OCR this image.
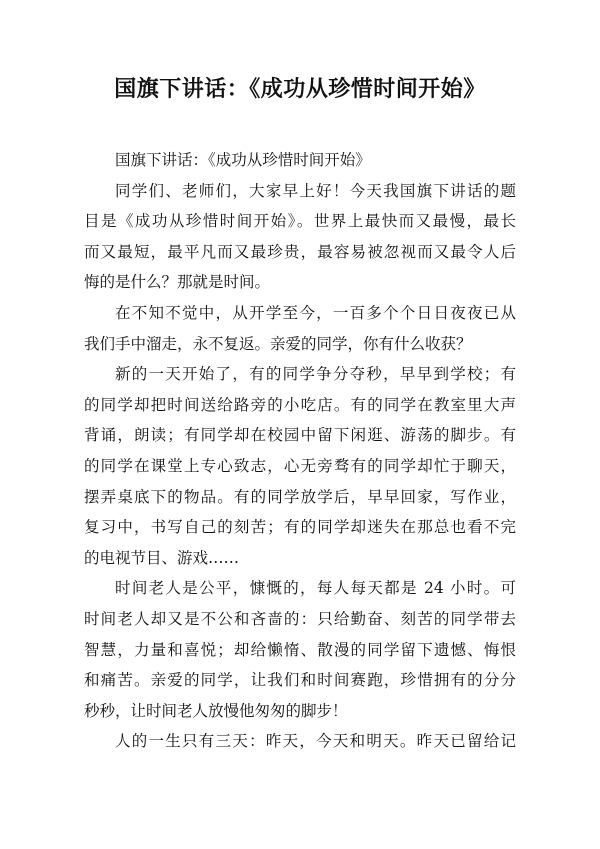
国旗下讲话：《成功从珍惜时间开始》
国旗下讲话：《成功从珍惜时间开始》
同学们、老师们，大家早上好！今天我国旗下讲话的题
目是《成功从珍惜时间开始》。世界上最快而又最慢，最长
而又最短，最平凡而又最珍贵，最容易被忽视而又最令人后
悔的是什么？那就是时间。
在不知不觉中，从开学至今，一百多个个日日夜夜已从
我们手中溜走，永不复返。亲爱的同学，你有什么收获？
新的一天开始了，有的同学争分夺秒，早早到学校；有
的同学却把时间送给路旁的小吃店。有的同学在教室里大声
背诵，朗读；有同学却在校园中留下闲逛、游荡的脚步。有
的同学在课堂上专心致志，心无旁骛有的同学却忙于聊天，
摆弄桌底下的物品。有的同学放学后，早早回家，写作业，
复习中，书写自己的刻苦；有的同学却迷失在那总也看不完
的电视节目、游戏……
时间老人是公平，慷慨的，每人每天都是 24 小时。可
时间老人却又是不公和吝啬的：只给勤奋、刻苦的同学带去
智慧，力量和喜悦；却给懒惰、散漫的同学留下遗憾、悔恨
和痛苦。亲爱的同学，让我们和时间赛跑，珍惜拥有的分分
秒秒，让时间老人放慢他匆匆的脚步！
人的一生只有三天：昨天，今天和明天。昨天已留给记
